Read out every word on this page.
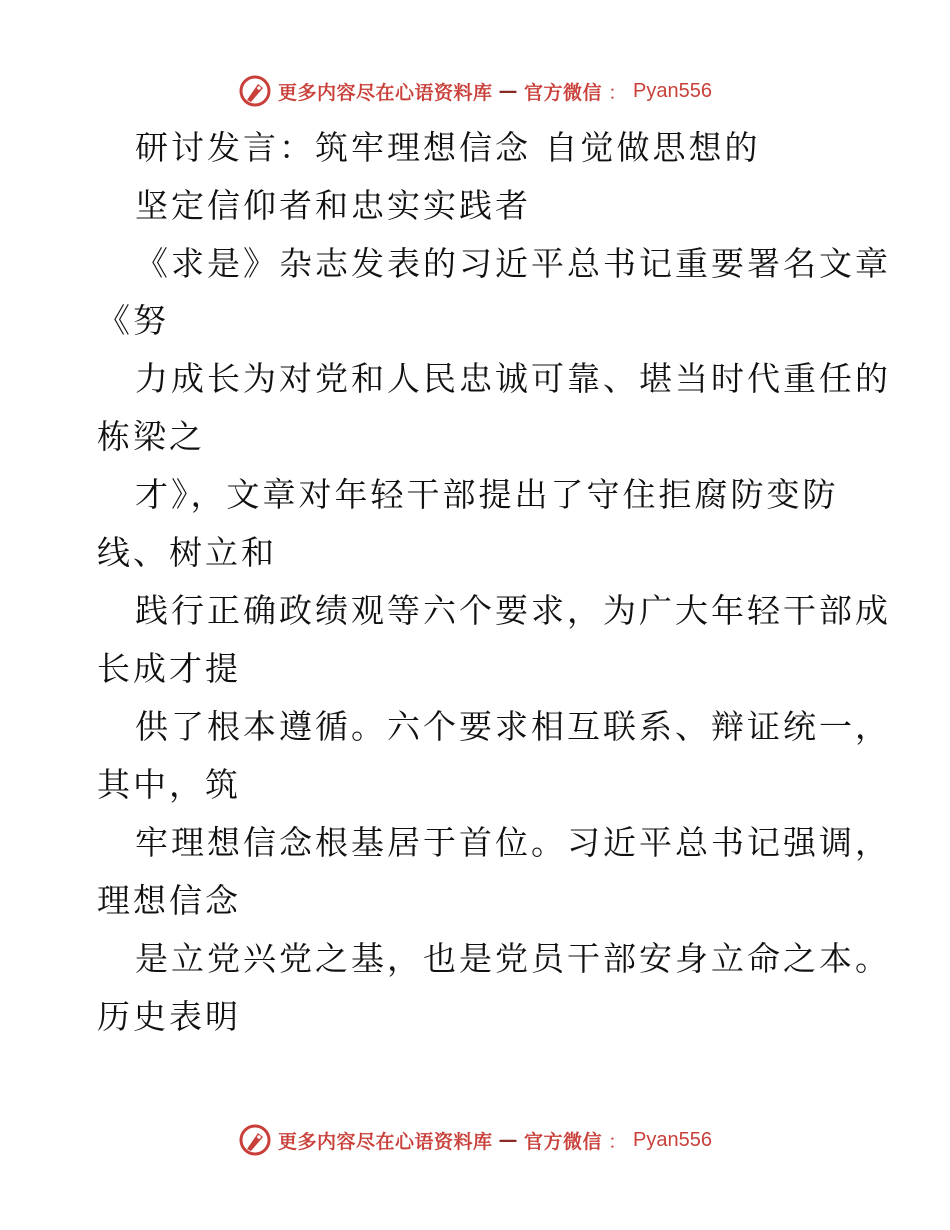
更多内容尽在心语资料库 — 官方微信 ： Pyan556
研讨发言：筑牢理想信念 自觉做思想的
坚定信仰者和忠实实践者
《求是》杂志发表的习近平总书记重要署名文章
《努
力成长为对党和人民忠诚可靠、堪当时代重任的
栋梁之
才》，文章对年轻干部提出了守住拒腐防变防
线、树立和
践行正确政绩观等六个要求，为广大年轻干部成
长成才提
供了根本遵循。六个要求相互联系、辩证统一，
其中，筑
牢理想信念根基居于首位。习近平总书记强调，
理想信念
是立党兴党之基，也是党员干部安身立命之本。
历史表明
更多内容尽在心语资料库 — 官方微信 ： Pyan556
